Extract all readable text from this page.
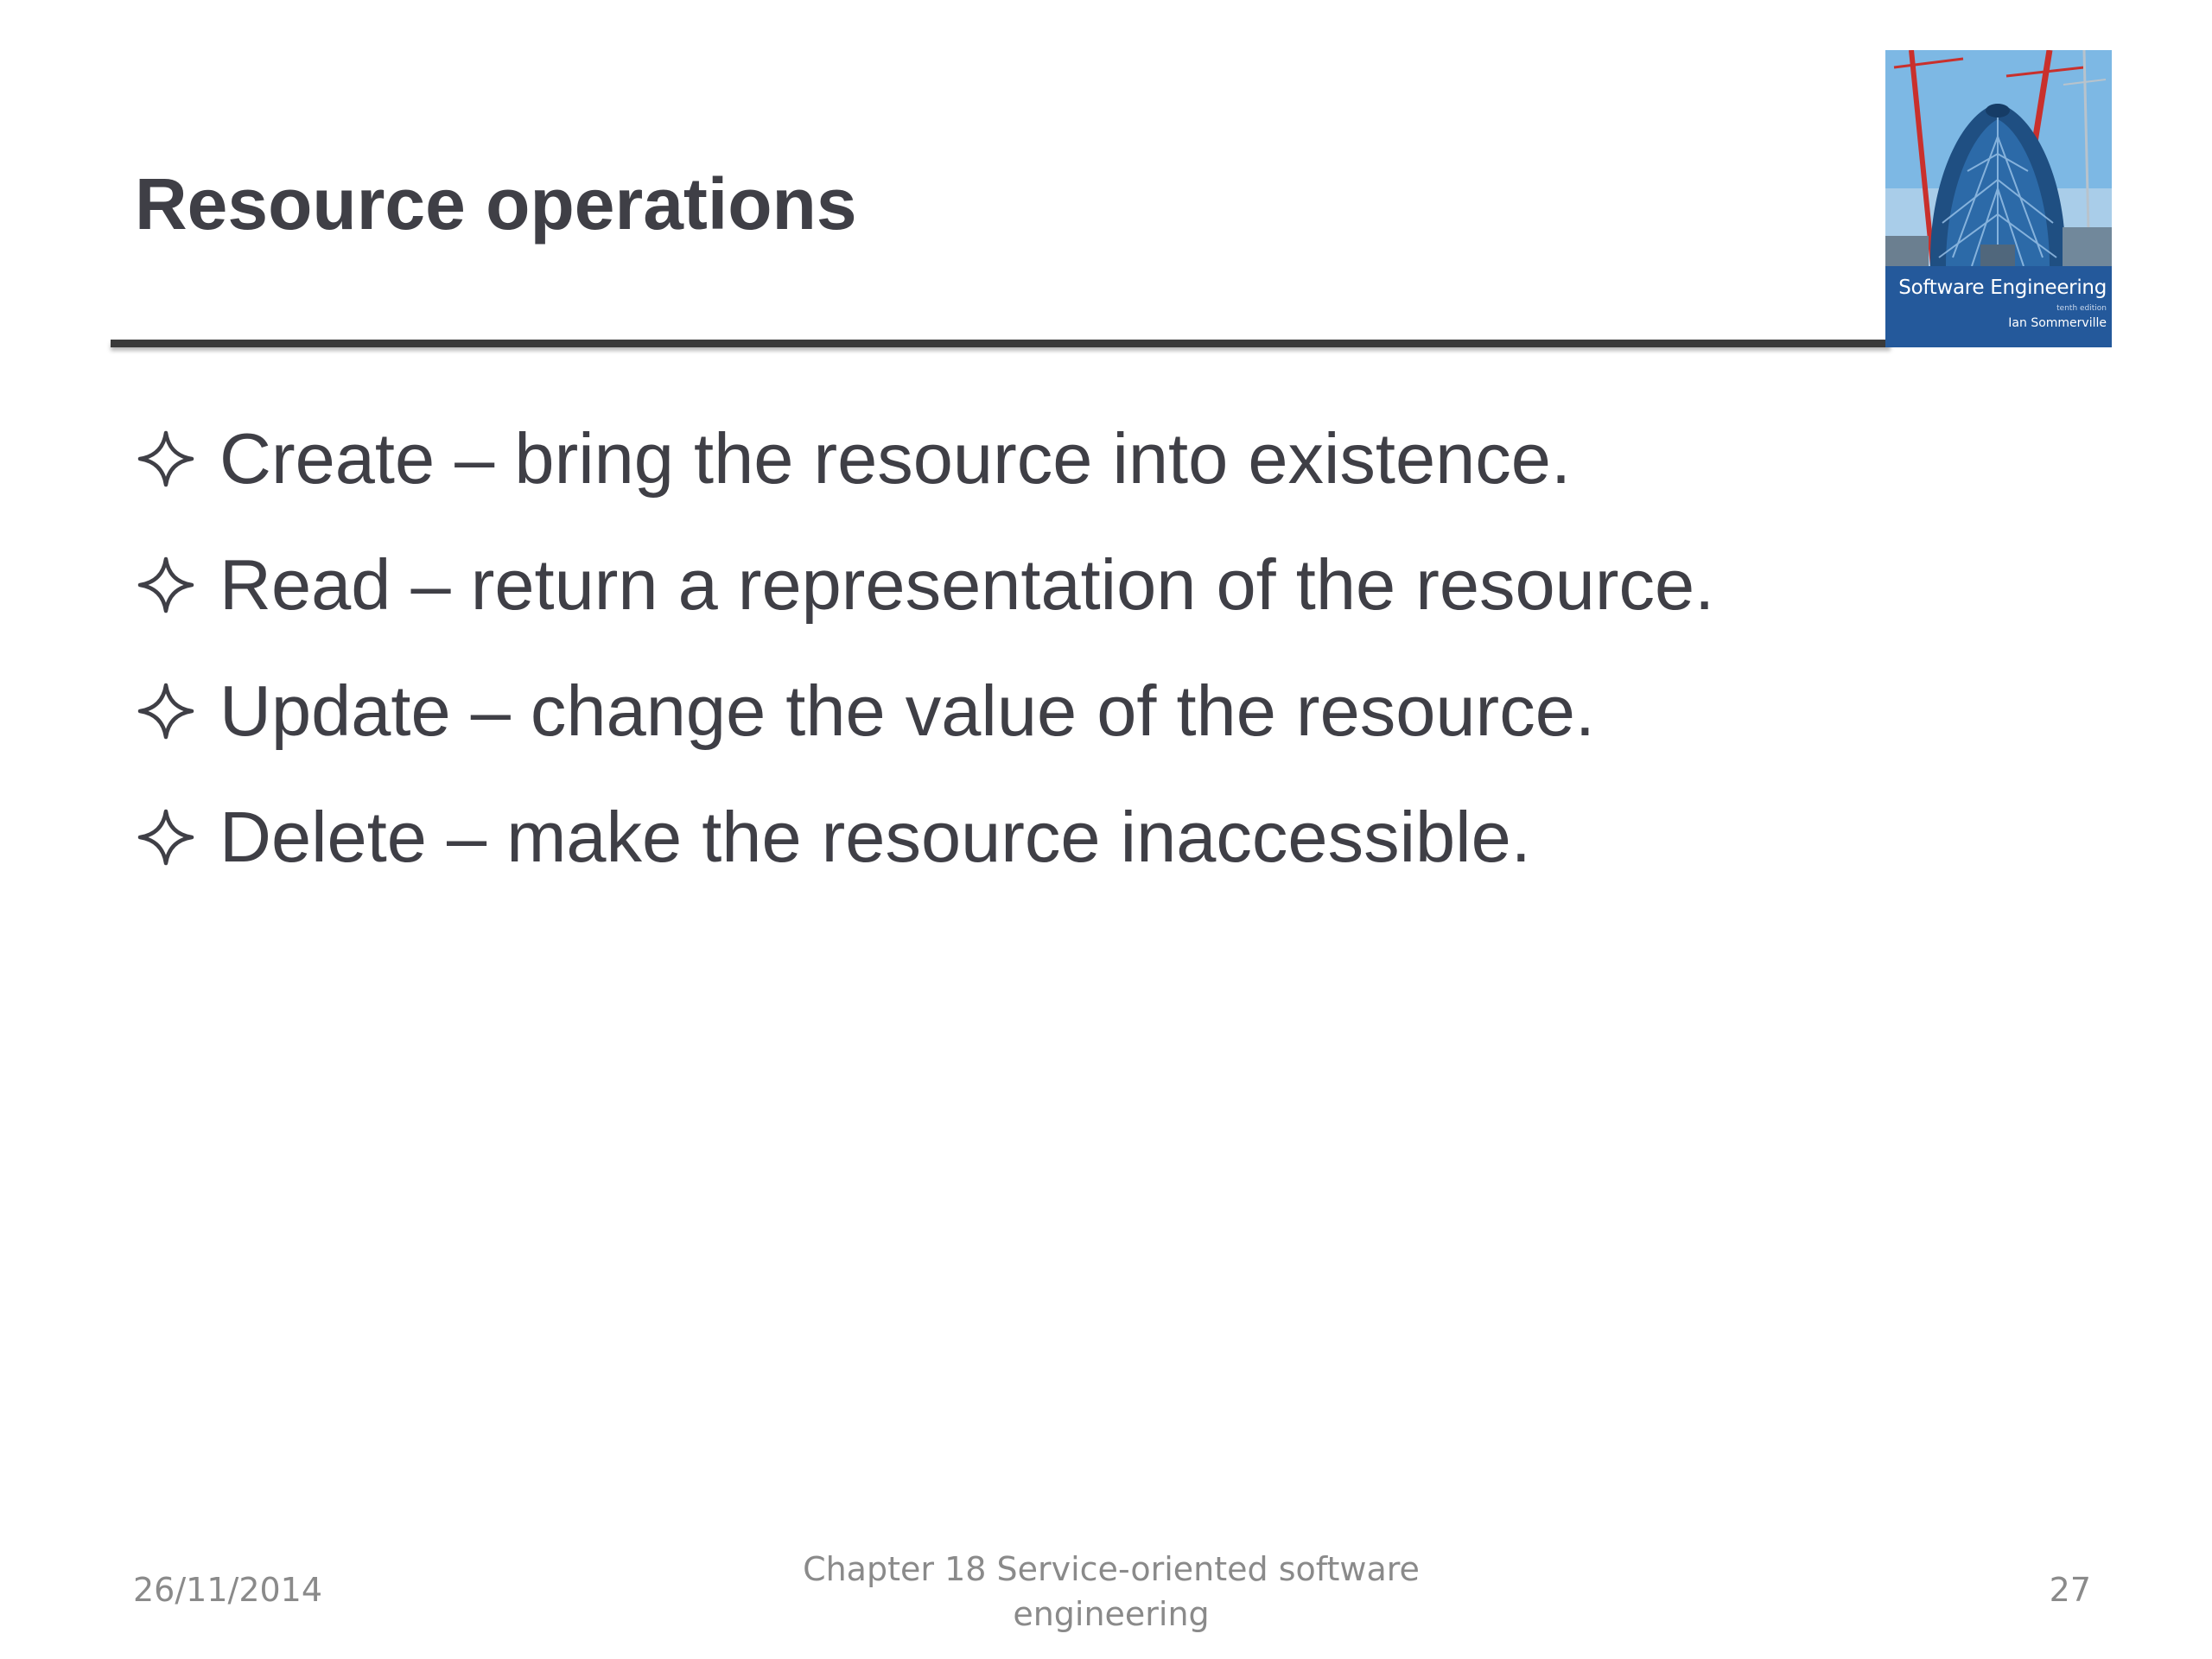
Resource operations
Software Engineering
tenth edition
Ian Sommerville
Create – bring the resource into existence.
Read – return a representation of the resource.
Update – change the value of the resource.
Delete – make the resource inaccessible.
26/11/2014
Chapter 18 Service-oriented software engineering
27
